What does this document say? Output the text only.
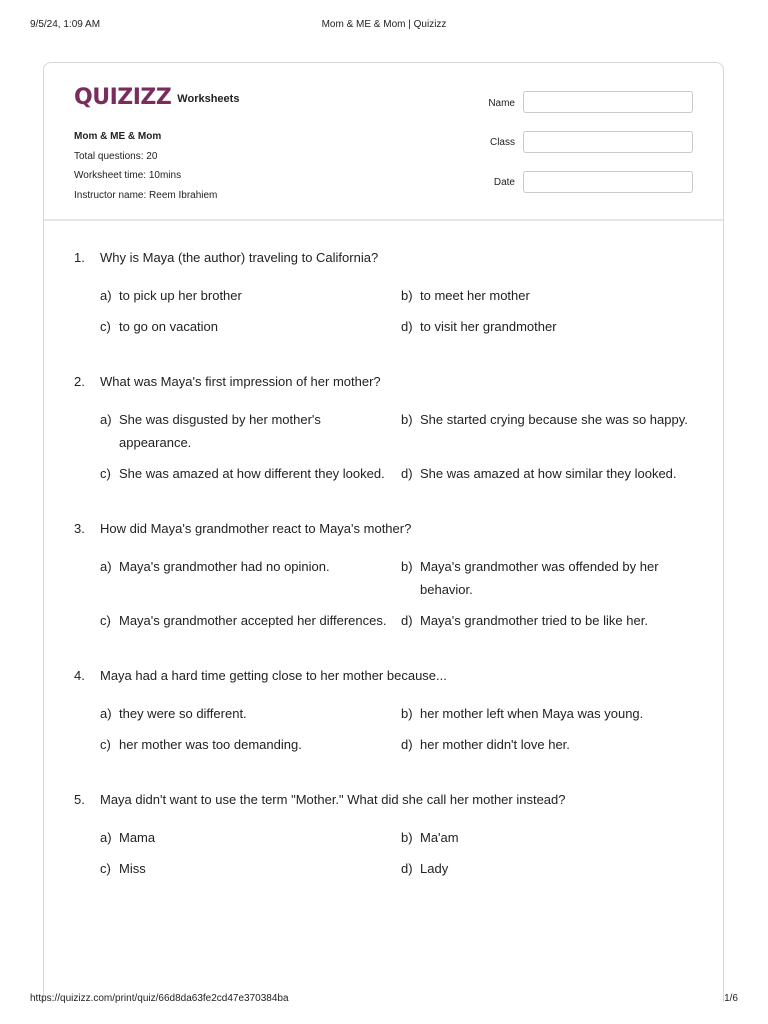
9/5/24, 1:09 AM	Mom & ME & Mom | Quizizz
QUIZIZZ Worksheets
Mom & ME & Mom
Total questions: 20
Worksheet time: 10mins
Instructor name: Reem Ibrahiem
Name
Class
Date
1. Why is Maya (the author) traveling to California?
a) to pick up her brother	b) to meet her mother
c) to go on vacation	d) to visit her grandmother
2. What was Maya's first impression of her mother?
a) She was disgusted by her mother's appearance.
b) She started crying because she was so happy.
c) She was amazed at how different they looked.	d) She was amazed at how similar they looked.
3. How did Maya's grandmother react to Maya's mother?
a) Maya's grandmother had no opinion.	b) Maya's grandmother was offended by her behavior.
c) Maya's grandmother accepted her differences.	d) Maya's grandmother tried to be like her.
4. Maya had a hard time getting close to her mother because...
a) they were so different.	b) her mother left when Maya was young.
c) her mother was too demanding.	d) her mother didn't love her.
5. Maya didn't want to use the term "Mother." What did she call her mother instead?
a) Mama	b) Ma'am
c) Miss	d) Lady
https://quizizz.com/print/quiz/66d8da63fe2cd47e370384ba	1/6
